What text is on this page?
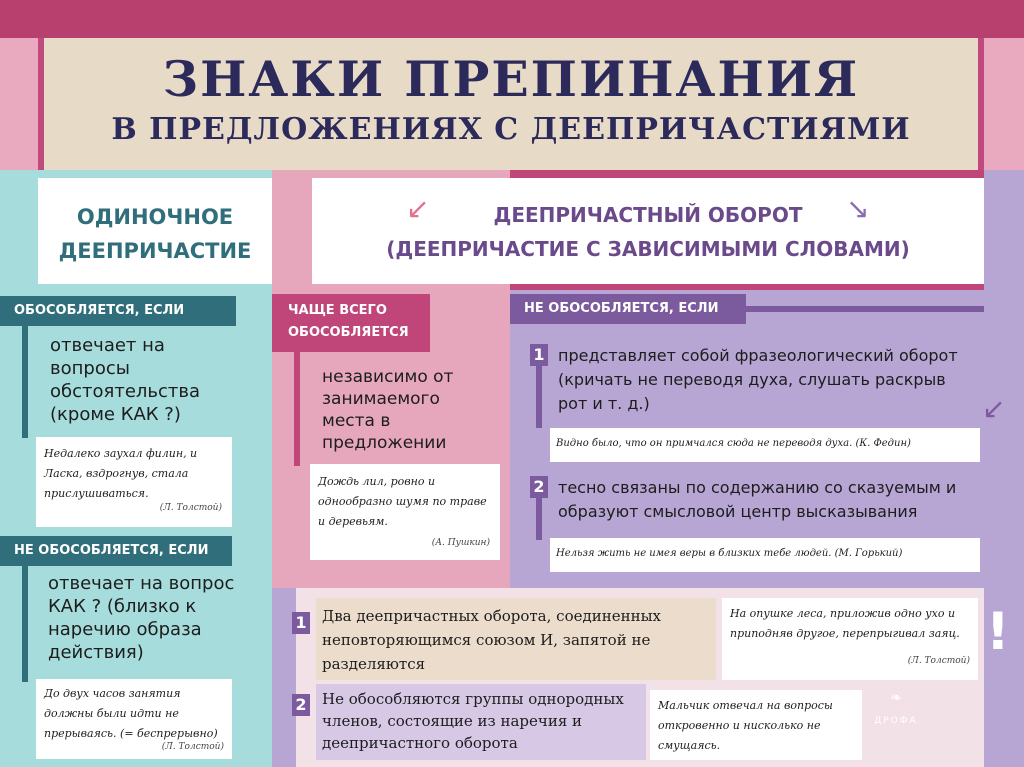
ЗНАКИ ПРЕПИНАНИЯ
В ПРЕДЛОЖЕНИЯХ С ДЕЕПРИЧАСТИЯМИ
ОДИНОЧНОЕ
ДЕЕПРИЧАСТИЕ
ОБОСОБЛЯЕТСЯ, ЕСЛИ
отвечает на вопросы обстоятельства (кроме КАК ?)
Недалеко заухал филин, и Ласка, вздрогнув, стала прислушиваться.
(Л. Толстой)
НЕ ОБОСОБЛЯЕТСЯ, ЕСЛИ
отвечает на вопрос КАК ? (близко к наречию образа действия)
До двух часов занятия должны были идти не прерываясь. (= беспрерывно)
(Л. Толстой)
ДЕЕПРИЧАСТНЫЙ ОБОРОТ
(ДЕЕПРИЧАСТИЕ С ЗАВИСИМЫМИ СЛОВАМИ)
↙	↘
ЧАЩЕ ВСЕГО ОБОСОБЛЯЕТСЯ
независимо от занимаемого места в предложении
Дождь лил, ровно и однообразно шумя по траве и деревьям.
(А. Пушкин)
НЕ ОБОСОБЛЯЕТСЯ, ЕСЛИ
1 представляет собой фразеологический оборот (кричать не переводя духа, слушать раскрыв рот и т. д.)
Видно было, что он примчался сюда не переводя духа. (К. Федин)
↙
2 тесно связаны по содержанию со сказуемым и образуют смысловой центр высказывания
Нельзя жить не имея веры в близких тебе людей. (М. Горький)
1 Два деепричастных оборота, соединенных неповторяющимся союзом И, запятой не разделяются
На опушке леса, приложив одно ухо и приподняв другое, перепрыгивал заяц.
(Л. Толстой) !
2 Не обособляются группы однородных членов, состоящие из наречия и деепричастного оборота
Мальчик отвечал на вопросы откровенно и нисколько не смущаясь.
❧
ДРОФА
